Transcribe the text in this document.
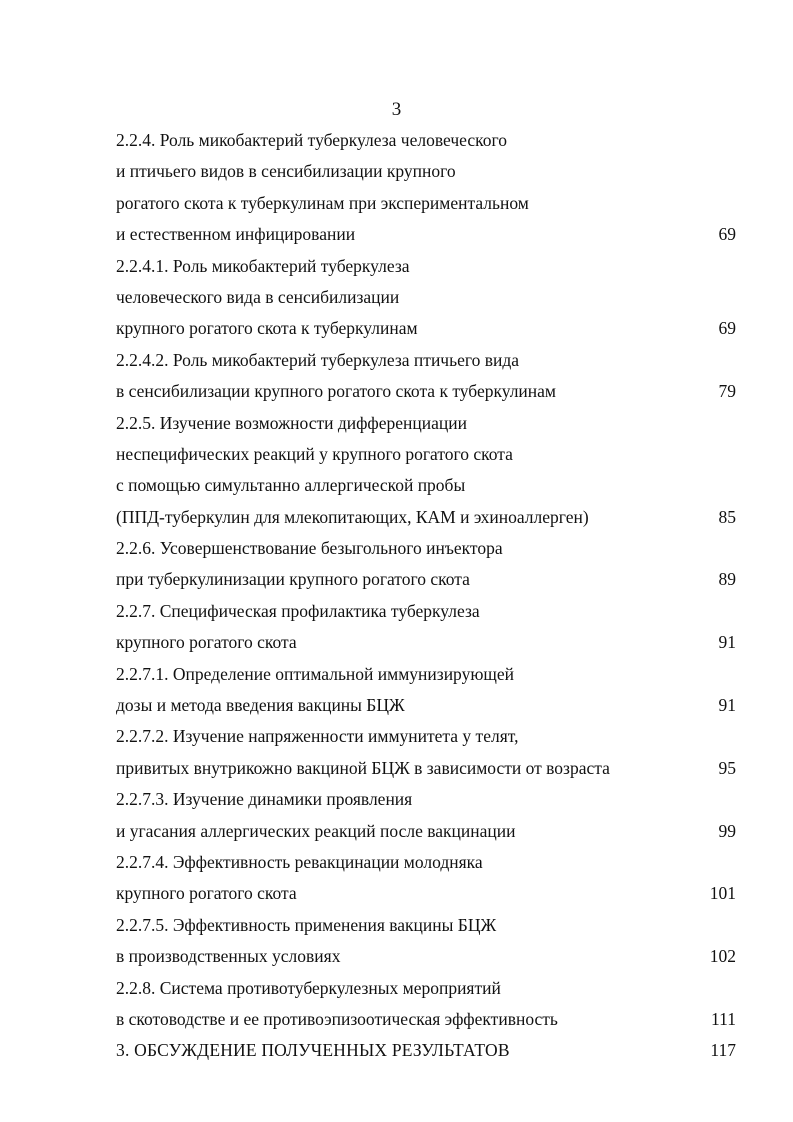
3
2.2.4. Роль микобактерий туберкулеза человеческого
и птичьего видов в сенсибилизации крупного
рогатого скота к туберкулинам при экспериментальном
и естественном инфицировании	69
2.2.4.1. Роль микобактерий туберкулеза
человеческого вида в сенсибилизации
крупного рогатого скота к туберкулинам	69
2.2.4.2. Роль микобактерий туберкулеза птичьего вида
в сенсибилизации крупного рогатого скота к туберкулинам	79
2.2.5. Изучение возможности дифференциации
неспецифических реакций у крупного рогатого скота
с помощью симультанно аллергической пробы
(ППД-туберкулин для млекопитающих, КАМ и эхиноаллерген)	85
2.2.6. Усовершенствование безыгольного инъектора
при туберкулинизации крупного рогатого скота	89
2.2.7. Специфическая профилактика туберкулеза
крупного рогатого скота	91
2.2.7.1. Определение оптимальной иммунизирующей
дозы и метода введения вакцины БЦЖ	91
2.2.7.2. Изучение напряженности иммунитета у телят,
привитых внутрикожно вакциной БЦЖ в зависимости от возраста	95
2.2.7.3. Изучение динамики проявления
и угасания аллергических реакций после вакцинации	99
2.2.7.4. Эффективность ревакцинации молодняка
крупного рогатого скота	101
2.2.7.5. Эффективность применения вакцины БЦЖ
в производственных условиях	102
2.2.8. Система противотуберкулезных мероприятий
в скотоводстве и ее противоэпизоотическая эффективность	111
3. ОБСУЖДЕНИЕ ПОЛУЧЕННЫХ РЕЗУЛЬТАТОВ	117
